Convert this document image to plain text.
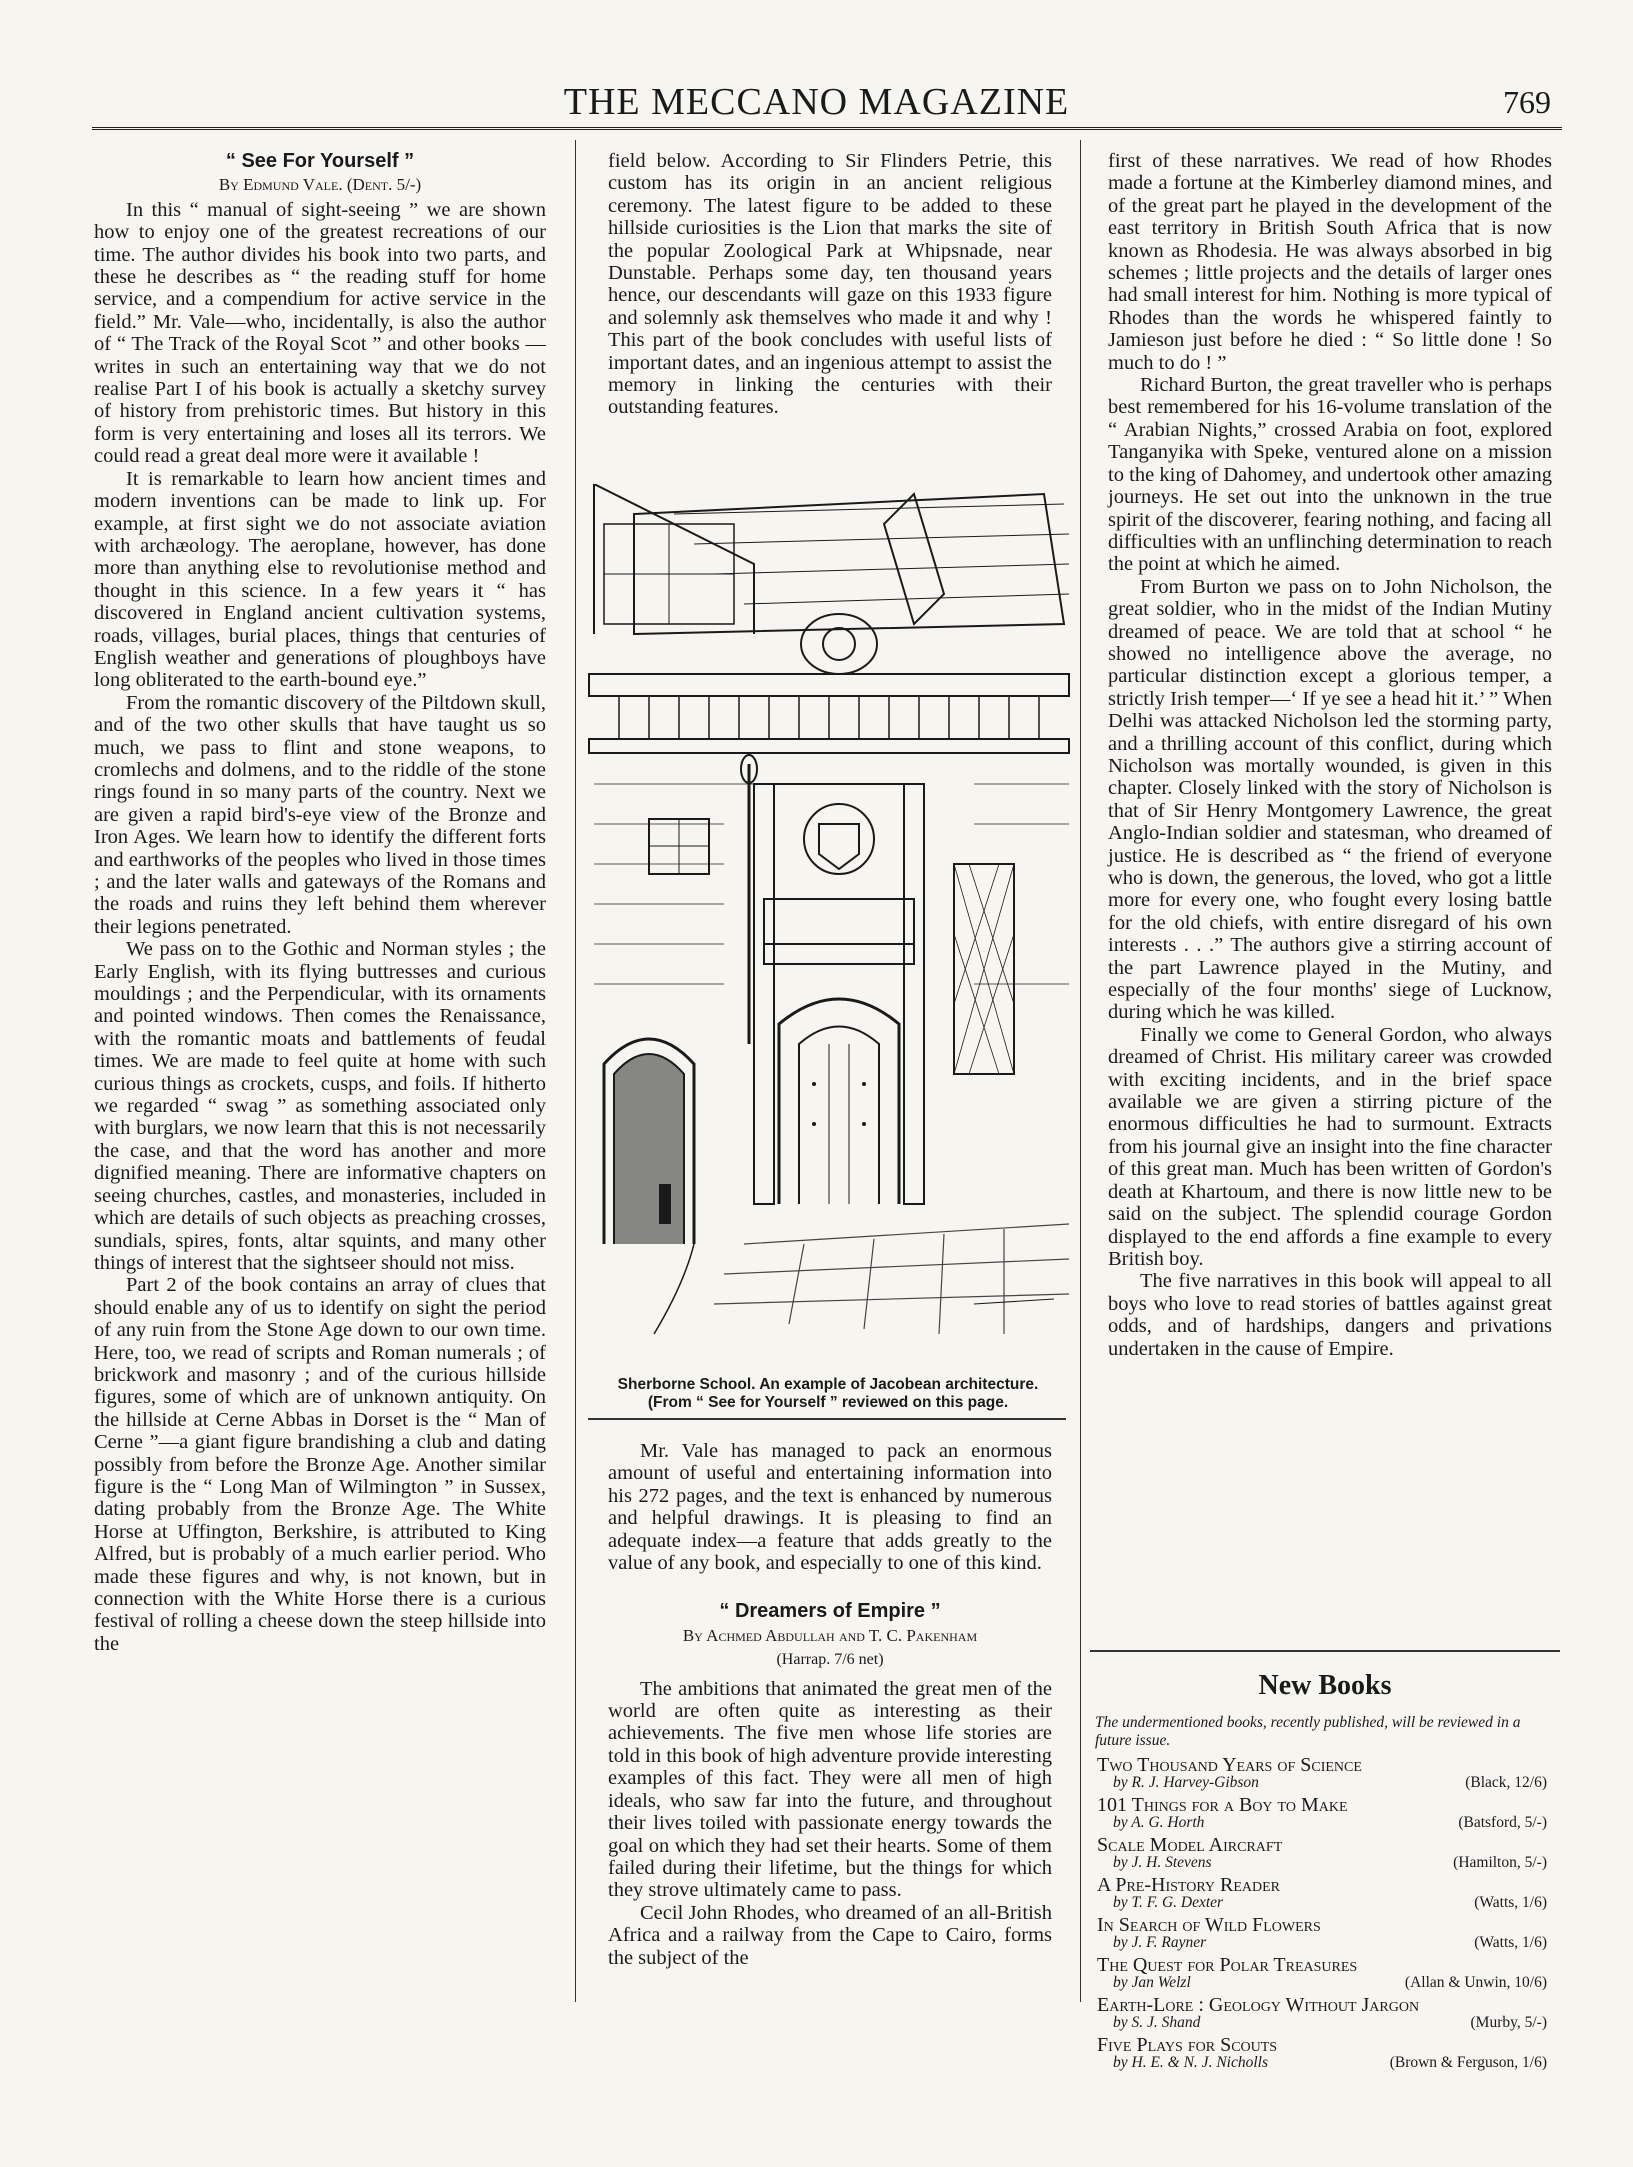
THE MECCANO MAGAZINE	769
“ See For Yourself ”
By Edmund Vale. (Dent. 5/-)

In this “ manual of sight-seeing ” we are shown how to enjoy one of the greatest recreations of our time. The author divides his book into two parts, and these he describes as “ the reading stuff for home service, and a compendium for active service in the field.” Mr. Vale—who, incidentally, is also the author of “ The Track of the Royal Scot ” and other books —writes in such an entertaining way that we do not realise Part I of his book is actually a sketchy survey of history from prehistoric times. But history in this form is very entertaining and loses all its terrors. We could read a great deal more were it available !

It is remarkable to learn how ancient times and modern inventions can be made to link up. For example, at first sight we do not associate aviation with archæology. The aeroplane, however, has done more than anything else to revolutionise method and thought in this science. In a few years it “ has discovered in England ancient cultivation systems, roads, villages, burial places, things that centuries of English weather and generations of ploughboys have long obliterated to the earth-bound eye.”

From the romantic discovery of the Piltdown skull, and of the two other skulls that have taught us so much, we pass to flint and stone weapons, to cromlechs and dolmens, and to the riddle of the stone rings found in so many parts of the country. Next we are given a rapid bird's-eye view of the Bronze and Iron Ages. We learn how to identify the different forts and earthworks of the peoples who lived in those times ; and the later walls and gateways of the Romans and the roads and ruins they left behind them wherever their legions penetrated.

We pass on to the Gothic and Norman styles ; the Early English, with its flying buttresses and curious mouldings ; and the Perpendicular, with its ornaments and pointed windows. Then comes the Renaissance, with the romantic moats and battlements of feudal times. We are made to feel quite at home with such curious things as crockets, cusps, and foils. If hitherto we regarded “ swag ” as something associated only with burglars, we now learn that this is not necessarily the case, and that the word has another and more dignified meaning. There are informative chapters on seeing churches, castles, and monasteries, included in which are details of such objects as preaching crosses, sundials, spires, fonts, altar squints, and many other things of interest that the sightseer should not miss.

Part 2 of the book contains an array of clues that should enable any of us to identify on sight the period of any ruin from the Stone Age down to our own time. Here, too, we read of scripts and Roman numerals ; of brickwork and masonry ; and of the curious hillside figures, some of which are of unknown antiquity. On the hillside at Cerne Abbas in Dorset is the “ Man of Cerne ”—a giant figure brandishing a club and dating possibly from before the Bronze Age. Another similar figure is the “ Long Man of Wilmington ” in Sussex, dating probably from the Bronze Age. The White Horse at Uffington, Berkshire, is attributed to King Alfred, but is probably of a much earlier period. Who made these figures and why, is not known, but in connection with the White Horse there is a curious festival of rolling a cheese down the steep hillside into the

field below. According to Sir Flinders Petrie, this custom has its origin in an ancient religious ceremony. The latest figure to be added to these hillside curiosities is the Lion that marks the site of the popular Zoological Park at Whipsnade, near Dunstable. Perhaps some day, ten thousand years hence, our descendants will gaze on this 1933 figure and solemnly ask themselves who made it and why ! This part of the book concludes with useful lists of important dates, and an ingenious attempt to assist the memory in linking the centuries with their outstanding features.

Sherborne School. An example of Jacobean architecture.
(From “ See for Yourself ” reviewed on this page.

Mr. Vale has managed to pack an enormous amount of useful and entertaining information into his 272 pages, and the text is enhanced by numerous and helpful drawings. It is pleasing to find an adequate index—a feature that adds greatly to the value of any book, and especially to one of this kind.

“ Dreamers of Empire ”
By Achmed Abdullah and T. C. Pakenham
(Harrap. 7/6 net)

The ambitions that animated the great men of the world are often quite as interesting as their achievements. The five men whose life stories are told in this book of high adventure provide interesting examples of this fact. They were all men of high ideals, who saw far into the future, and throughout their lives toiled with passionate energy towards the goal on which they had set their hearts. Some of them failed during their lifetime, but the things for which they strove ultimately came to pass.

Cecil John Rhodes, who dreamed of an all-British Africa and a railway from the Cape to Cairo, forms the subject of the

first of these narratives. We read of how Rhodes made a fortune at the Kimberley diamond mines, and of the great part he played in the development of the east territory in British South Africa that is now known as Rhodesia. He was always absorbed in big schemes ; little projects and the details of larger ones had small interest for him. Nothing is more typical of Rhodes than the words he whispered faintly to Jamieson just before he died : “ So little done ! So much to do ! ”

Richard Burton, the great traveller who is perhaps best remembered for his 16-volume translation of the “ Arabian Nights,” crossed Arabia on foot, explored Tanganyika with Speke, ventured alone on a mission to the king of Dahomey, and undertook other amazing journeys. He set out into the unknown in the true spirit of the discoverer, fearing nothing, and facing all difficulties with an unflinching determination to reach the point at which he aimed.

From Burton we pass on to John Nicholson, the great soldier, who in the midst of the Indian Mutiny dreamed of peace. We are told that at school “ he showed no intelligence above the average, no particular distinction except a glorious temper, a strictly Irish temper—‘ If ye see a head hit it.’ ” When Delhi was attacked Nicholson led the storming party, and a thrilling account of this conflict, during which Nicholson was mortally wounded, is given in this chapter. Closely linked with the story of Nicholson is that of Sir Henry Montgomery Lawrence, the great Anglo-Indian soldier and statesman, who dreamed of justice. He is described as “ the friend of everyone who is down, the generous, the loved, who got a little more for every one, who fought every losing battle for the old chiefs, with entire disregard of his own interests . . .” The authors give a stirring account of the part Lawrence played in the Mutiny, and especially of the four months' siege of Lucknow, during which he was killed.

Finally we come to General Gordon, who always dreamed of Christ. His military career was crowded with exciting incidents, and in the brief space available we are given a stirring picture of the enormous difficulties he had to surmount. Extracts from his journal give an insight into the fine character of this great man. Much has been written of Gordon's death at Khartoum, and there is now little new to be said on the subject. The splendid courage Gordon displayed to the end affords a fine example to every British boy.

The five narratives in this book will appeal to all boys who love to read stories of battles against great odds, and of hardships, dangers and privations undertaken in the cause of Empire.

New Books
The undermentioned books, recently published, will be reviewed in a future issue.
Two Thousand Years of Science
by R. J. Harvey-Gibson	(Black, 12/6)
101 Things for a Boy to Make
by A. G. Horth	(Batsford, 5/-)
Scale Model Aircraft
by J. H. Stevens	(Hamilton, 5/-)
A Pre-History Reader
by T. F. G. Dexter	(Watts, 1/6)
In Search of Wild Flowers
by J. F. Rayner	(Watts, 1/6)
The Quest for Polar Treasures
by Jan Welzl	(Allan & Unwin, 10/6)
Earth-Lore : Geology Without Jargon
by S. J. Shand	(Murby, 5/-)
Five Plays for Scouts
by H. E. & N. J. Nicholls	(Brown & Ferguson, 1/6)
